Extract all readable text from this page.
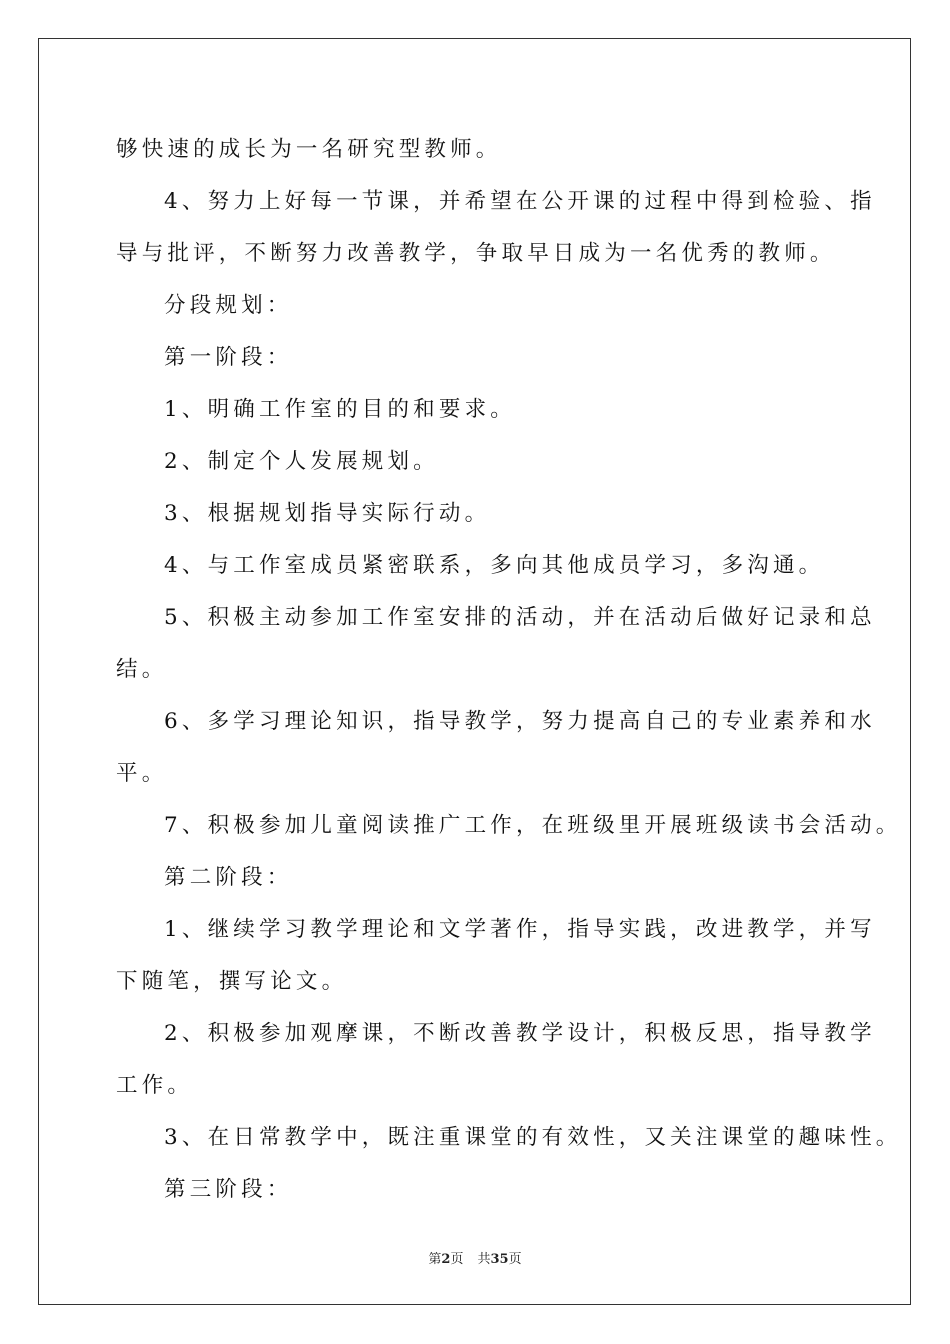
够快速的成长为一名研究型教师。
4、努力上好每一节课，并希望在公开课的过程中得到检验、指
导与批评，不断努力改善教学，争取早日成为一名优秀的教师。
分段规划：
第一阶段：
1、明确工作室的目的和要求。
2、制定个人发展规划。
3、根据规划指导实际行动。
4、与工作室成员紧密联系，多向其他成员学习，多沟通。
5、积极主动参加工作室安排的活动，并在活动后做好记录和总
结。
6、多学习理论知识，指导教学，努力提高自己的专业素养和水
平。
7、积极参加儿童阅读推广工作，在班级里开展班级读书会活动。
第二阶段：
1、继续学习教学理论和文学著作，指导实践，改进教学，并写
下随笔，撰写论文。
2、积极参加观摩课，不断改善教学设计，积极反思，指导教学
工作。
3、在日常教学中，既注重课堂的有效性，又关注课堂的趣味性。
第三阶段：
第2页 共35页
